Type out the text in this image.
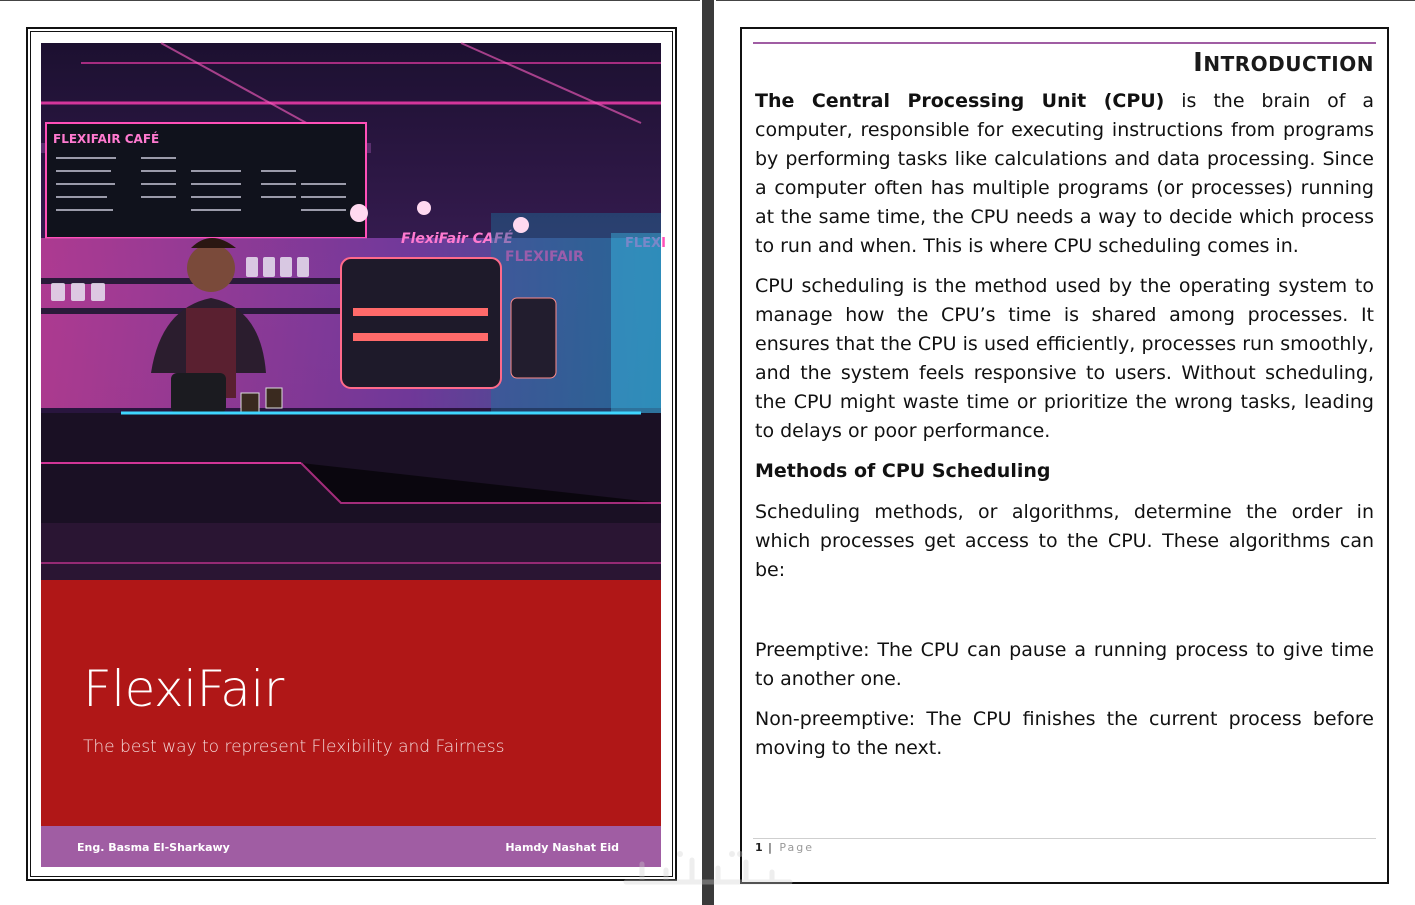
FLEXIFAIR CAFÉ
FlexiFair CAFÉ
FLEXIFAIR
FLEXI
FlexiFair
The best way to represent Flexibility and Fairness
Eng. Basma El-Sharkawy	Hamdy Nashat Eid
INTRODUCTION

The Central Processing Unit (CPU) is the brain of a computer, responsible for executing instructions from programs by performing tasks like calculations and data processing. Since a computer often has multiple programs (or processes) running at the same time, the CPU needs a way to decide which process to run and when. This is where CPU scheduling comes in.

CPU scheduling is the method used by the operating system to manage how the CPU’s time is shared among processes. It ensures that the CPU is used efficiently, processes run smoothly, and the system feels responsive to users. Without scheduling, the CPU might waste time or prioritize the wrong tasks, leading to delays or poor performance.

Methods of CPU Scheduling

Scheduling methods, or algorithms, determine the order in which processes get access to the CPU. These algorithms can be:

Preemptive: The CPU can pause a running process to give time to another one.

Non-preemptive: The CPU finishes the current process before moving to the next.

1 | Page
